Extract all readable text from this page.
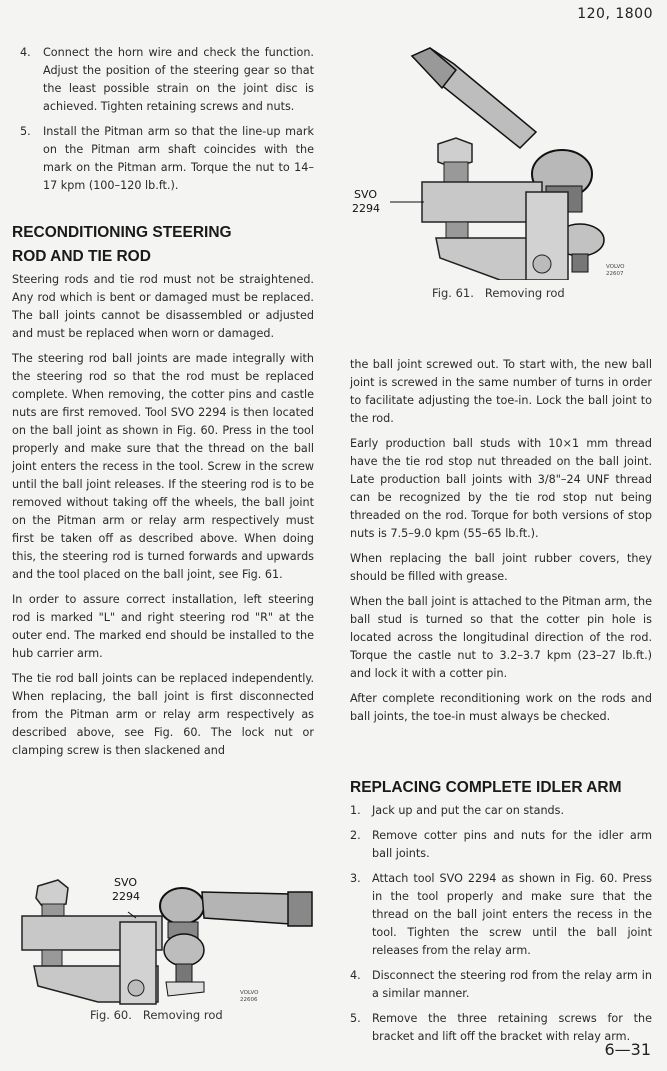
120, 1800
4.	Connect the horn wire and check the function. Adjust the position of the steering gear so that the least possible strain on the joint disc is achieved. Tighten retaining screws and nuts.
5.	Install the Pitman arm so that the line-up mark on the Pitman arm shaft coincides with the mark on the Pitman arm. Torque the nut to 14–17 kpm (100–120 lb.ft.).
RECONDITIONING STEERING ROD AND TIE ROD

Steering rods and tie rod must not be straightened. Any rod which is bent or damaged must be replaced. The ball joints cannot be disassembled or adjusted and must be replaced when worn or damaged.

The steering rod ball joints are made integrally with the steering rod so that the rod must be replaced complete. When removing, the cotter pins and castle nuts are first removed. Tool SVO 2294 is then located on the ball joint as shown in Fig. 60. Press in the tool properly and make sure that the thread on the ball joint enters the recess in the tool. Screw in the screw until the ball joint releases. If the steering rod is to be removed without taking off the wheels, the ball joint on the Pitman arm or relay arm respectively must first be taken off as described above. When doing this, the steering rod is turned forwards and upwards and the tool placed on the ball joint, see Fig. 61.

In order to assure correct installation, left steering rod is marked "L" and right steering rod "R" at the outer end. The marked end should be installed to the hub carrier arm.

The tie rod ball joints can be replaced independently. When replacing, the ball joint is first disconnected from the Pitman arm or relay arm respectively as described above, see Fig. 60. The lock nut or clamping screw is then slackened and

SVO
2294
VOLVO
22606
Fig. 60.   Removing rod
SVO
2294
VOLVO
22607
Fig. 61.   Removing rod

the ball joint screwed out. To start with, the new ball joint is screwed in the same number of turns in order to facilitate adjusting the toe-in. Lock the ball joint to the rod.

Early production ball studs with 10×1 mm thread have the tie rod stop nut threaded on the ball joint. Late production ball joints with 3/8"–24 UNF thread can be recognized by the tie rod stop nut being threaded on the rod. Torque for both versions of stop nuts is 7.5–9.0 kpm (55–65 lb.ft.).

When replacing the ball joint rubber covers, they should be filled with grease.

When the ball joint is attached to the Pitman arm, the ball stud is turned so that the cotter pin hole is located across the longitudinal direction of the rod. Torque the castle nut to 3.2–3.7 kpm (23–27 lb.ft.) and lock it with a cotter pin.

After complete reconditioning work on the rods and ball joints, the toe-in must always be checked.

REPLACING COMPLETE IDLER ARM
1.	Jack up and put the car on stands.
2.	Remove cotter pins and nuts for the idler arm ball joints.
3.	Attach tool SVO 2294 as shown in Fig. 60. Press in the tool properly and make sure that the thread on the ball joint enters the recess in the tool. Tighten the screw until the ball joint releases from the relay arm.
4.	Disconnect the steering rod from the relay arm in a similar manner.
5.	Remove the three retaining screws for the bracket and lift off the bracket with relay arm.
6—31
